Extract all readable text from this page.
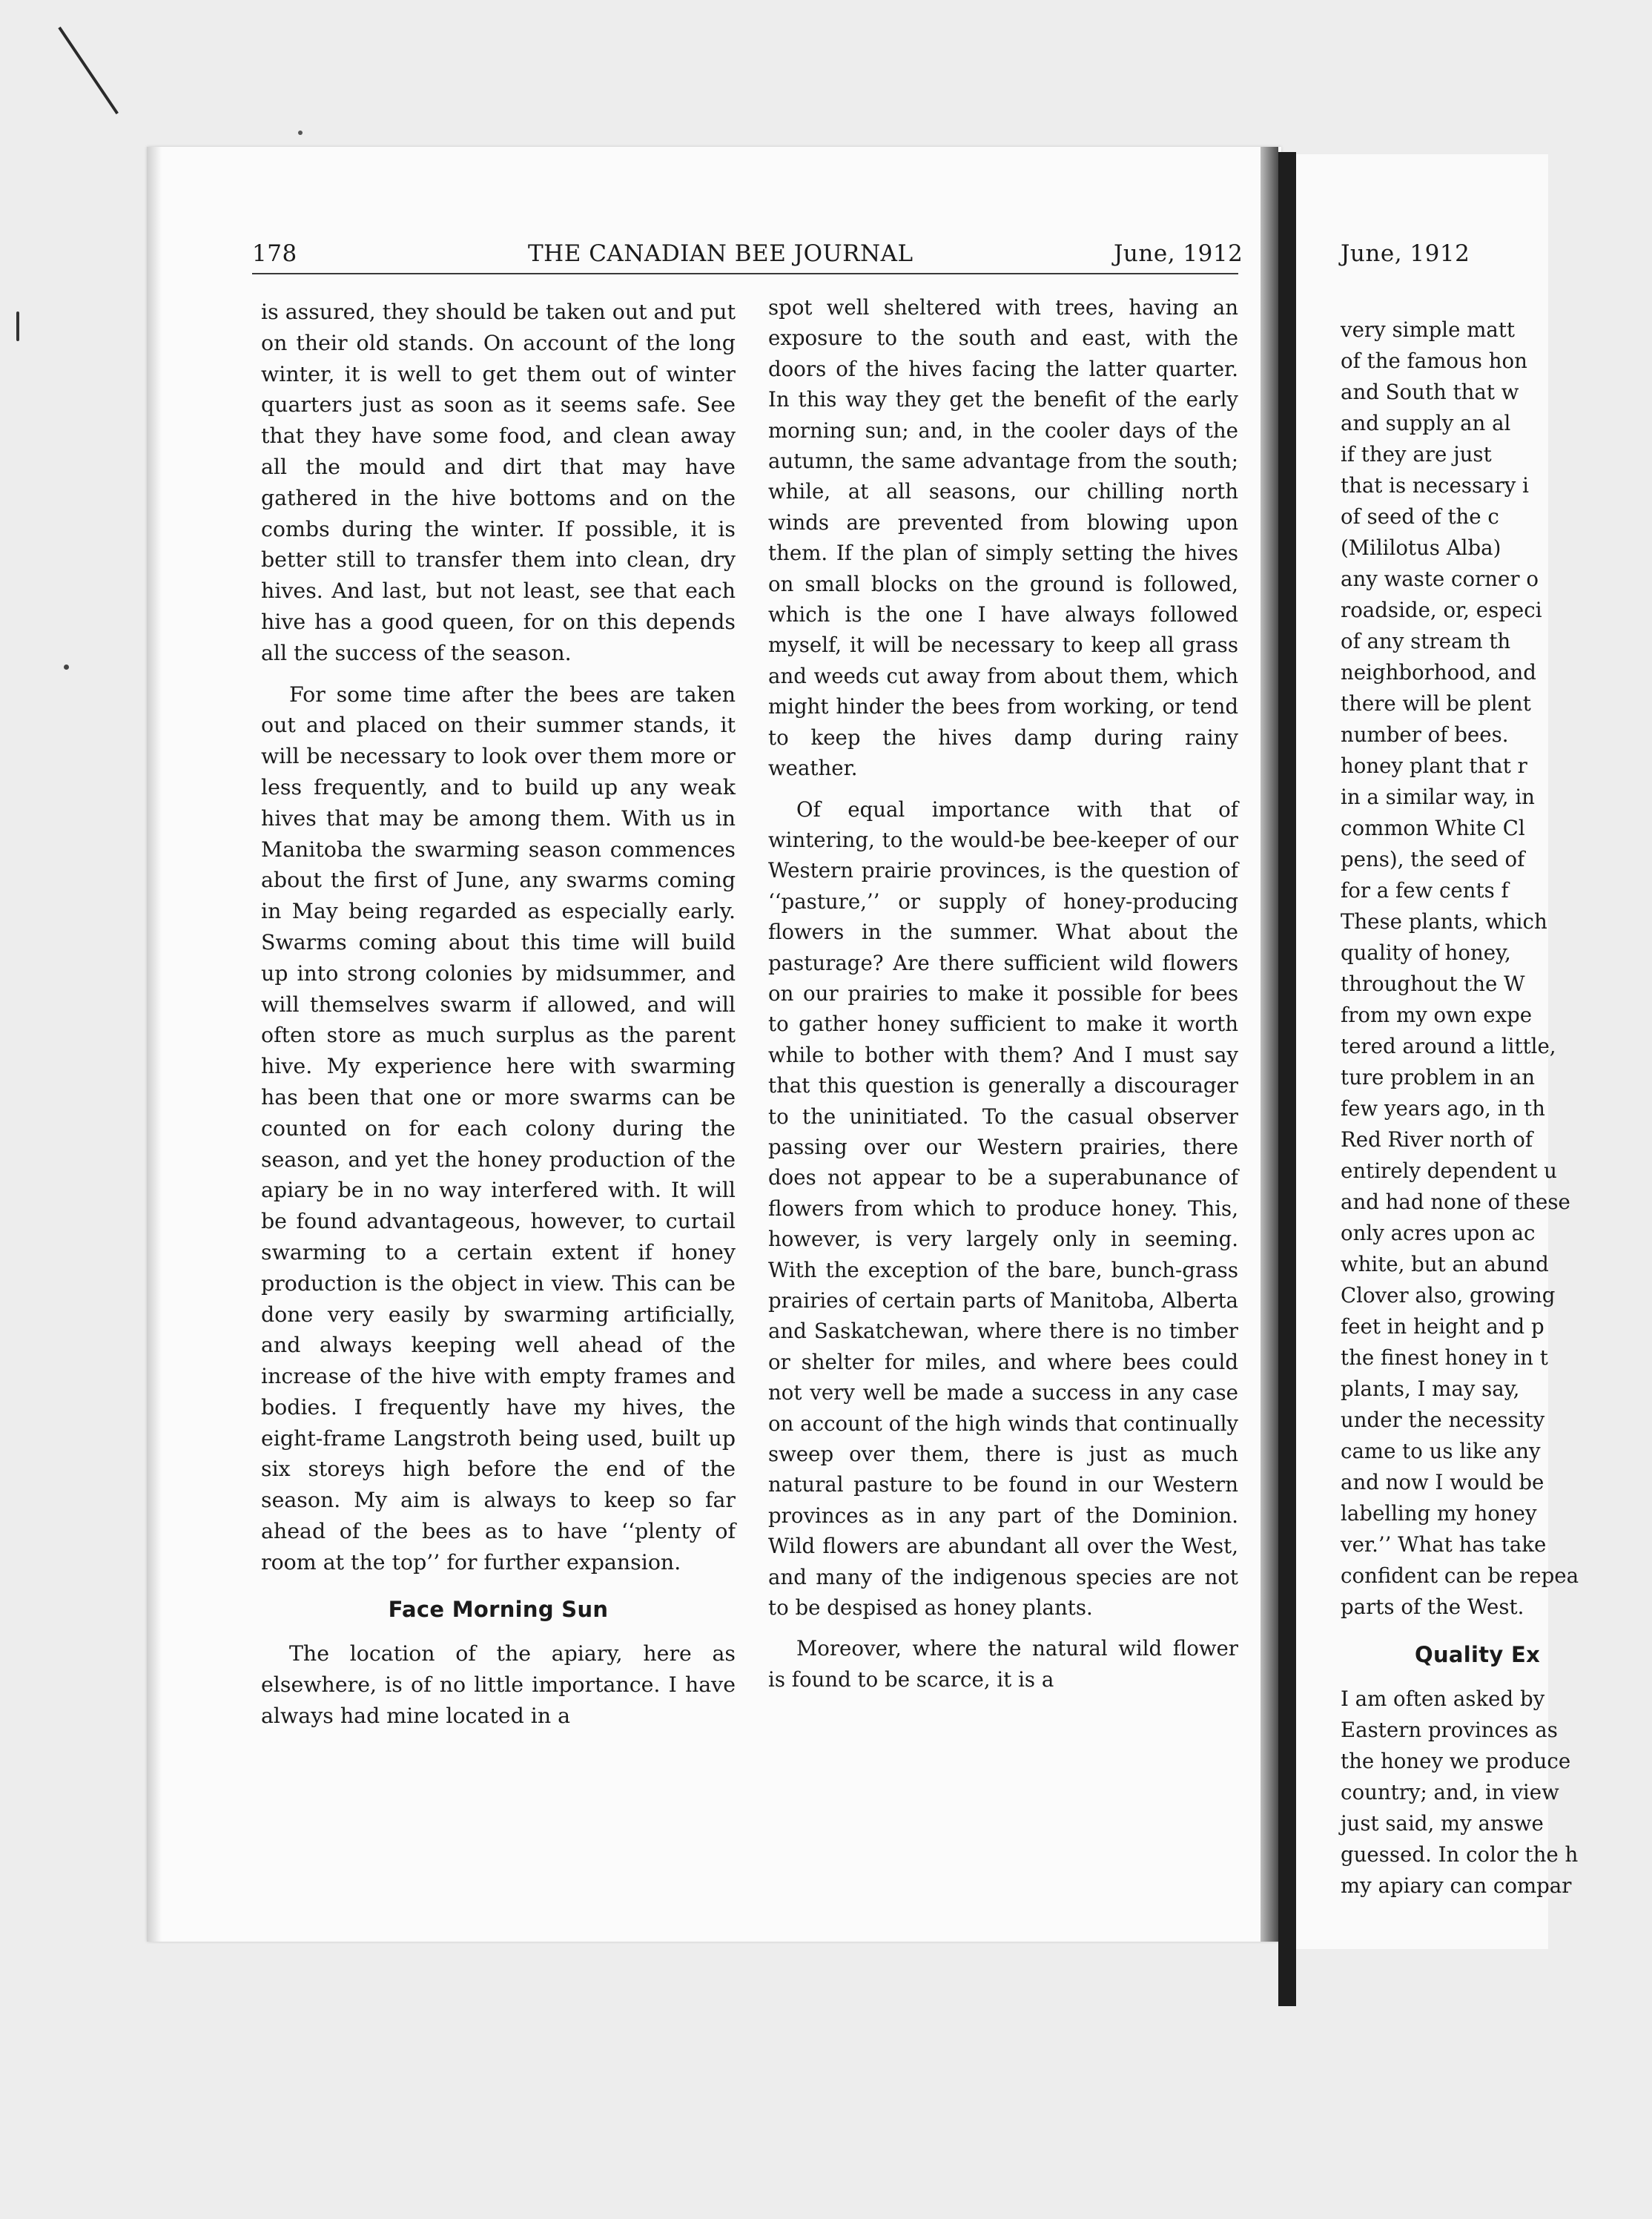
178	THE CANADIAN BEE JOURNAL	June, 1912	June, 1912

is assured, they should be taken out and put on their old stands. On account of the long winter, it is well to get them out of winter quarters just as soon as it seems safe. See that they have some food, and clean away all the mould and dirt that may have gathered in the hive bottoms and on the combs during the winter. If possible, it is better still to transfer them into clean, dry hives. And last, but not least, see that each hive has a good queen, for on this depends all the success of the season.

For some time after the bees are taken out and placed on their summer stands, it will be necessary to look over them more or less frequently, and to build up any weak hives that may be among them. With us in Manitoba the swarming season commences about the first of June, any swarms coming in May being regarded as especially early. Swarms coming about this time will build up into strong colonies by midsummer, and will themselves swarm if allowed, and will often store as much surplus as the parent hive. My experience here with swarming has been that one or more swarms can be counted on for each colony during the season, and yet the honey production of the apiary be in no way interfered with. It will be found advantageous, however, to curtail swarming to a certain extent if honey production is the object in view. This can be done very easily by swarming artificially, and always keeping well ahead of the increase of the hive with empty frames and bodies. I frequently have my hives, the eight-frame Langstroth being used, built up six storeys high before the end of the season. My aim is always to keep so far ahead of the bees as to have ‘‘plenty of room at the top’’ for further expansion.

Face Morning Sun

The location of the apiary, here as elsewhere, is of no little importance. I have always had mine located in a

spot well sheltered with trees, having an exposure to the south and east, with the doors of the hives facing the latter quarter. In this way they get the benefit of the early morning sun; and, in the cooler days of the autumn, the same advantage from the south; while, at all seasons, our chilling north winds are prevented from blowing upon them. If the plan of simply setting the hives on small blocks on the ground is followed, which is the one I have always followed myself, it will be necessary to keep all grass and weeds cut away from about them, which might hinder the bees from working, or tend to keep the hives damp during rainy weather.

Of equal importance with that of wintering, to the would-be bee-keeper of our Western prairie provinces, is the question of ‘‘pasture,’’ or supply of honey-producing flowers in the summer. What about the pasturage? Are there sufficient wild flowers on our prairies to make it possible for bees to gather honey sufficient to make it worth while to bother with them? And I must say that this question is generally a discourager to the uninitiated. To the casual observer passing over our Western prairies, there does not appear to be a superabunance of flowers from which to produce honey. This, however, is very largely only in seeming. With the exception of the bare, bunch-grass prairies of certain parts of Manitoba, Alberta and Saskatchewan, where there is no timber or shelter for miles, and where bees could not very well be made a success in any case on account of the high winds that continually sweep over them, there is just as much natural pasture to be found in our Western provinces as in any part of the Dominion. Wild flowers are abundant all over the West, and many of the indigenous species are not to be despised as honey plants.

Moreover, where the natural wild flower is found to be scarce, it is a

very simple matt
of the famous hon
and South that w
and supply an al
if they are just
that is necessary i
of seed of the c
(Mililotus Alba)
any waste corner o
roadside, or, especi
of any stream th
neighborhood, and
there will be plent
number of bees.
honey plant that r
in a similar way, in
common White Cl
pens), the seed of
for a few cents f
These plants, which
quality of honey,
throughout the W
from my own expe
tered around a little,
ture problem in an
few years ago, in th
Red River north of
entirely dependent u
and had none of these
only acres upon ac
white, but an abund
Clover also, growing
feet in height and p
the finest honey in t
plants, I may say,
under the necessity
came to us like any
and now I would be
labelling my honey
ver.’’ What has take
confident can be repea
parts of the West.
Quality Ex
I am often asked by
Eastern provinces as
the honey we produce
country; and, in view
just said, my answe
guessed. In color the h
my apiary can compar
